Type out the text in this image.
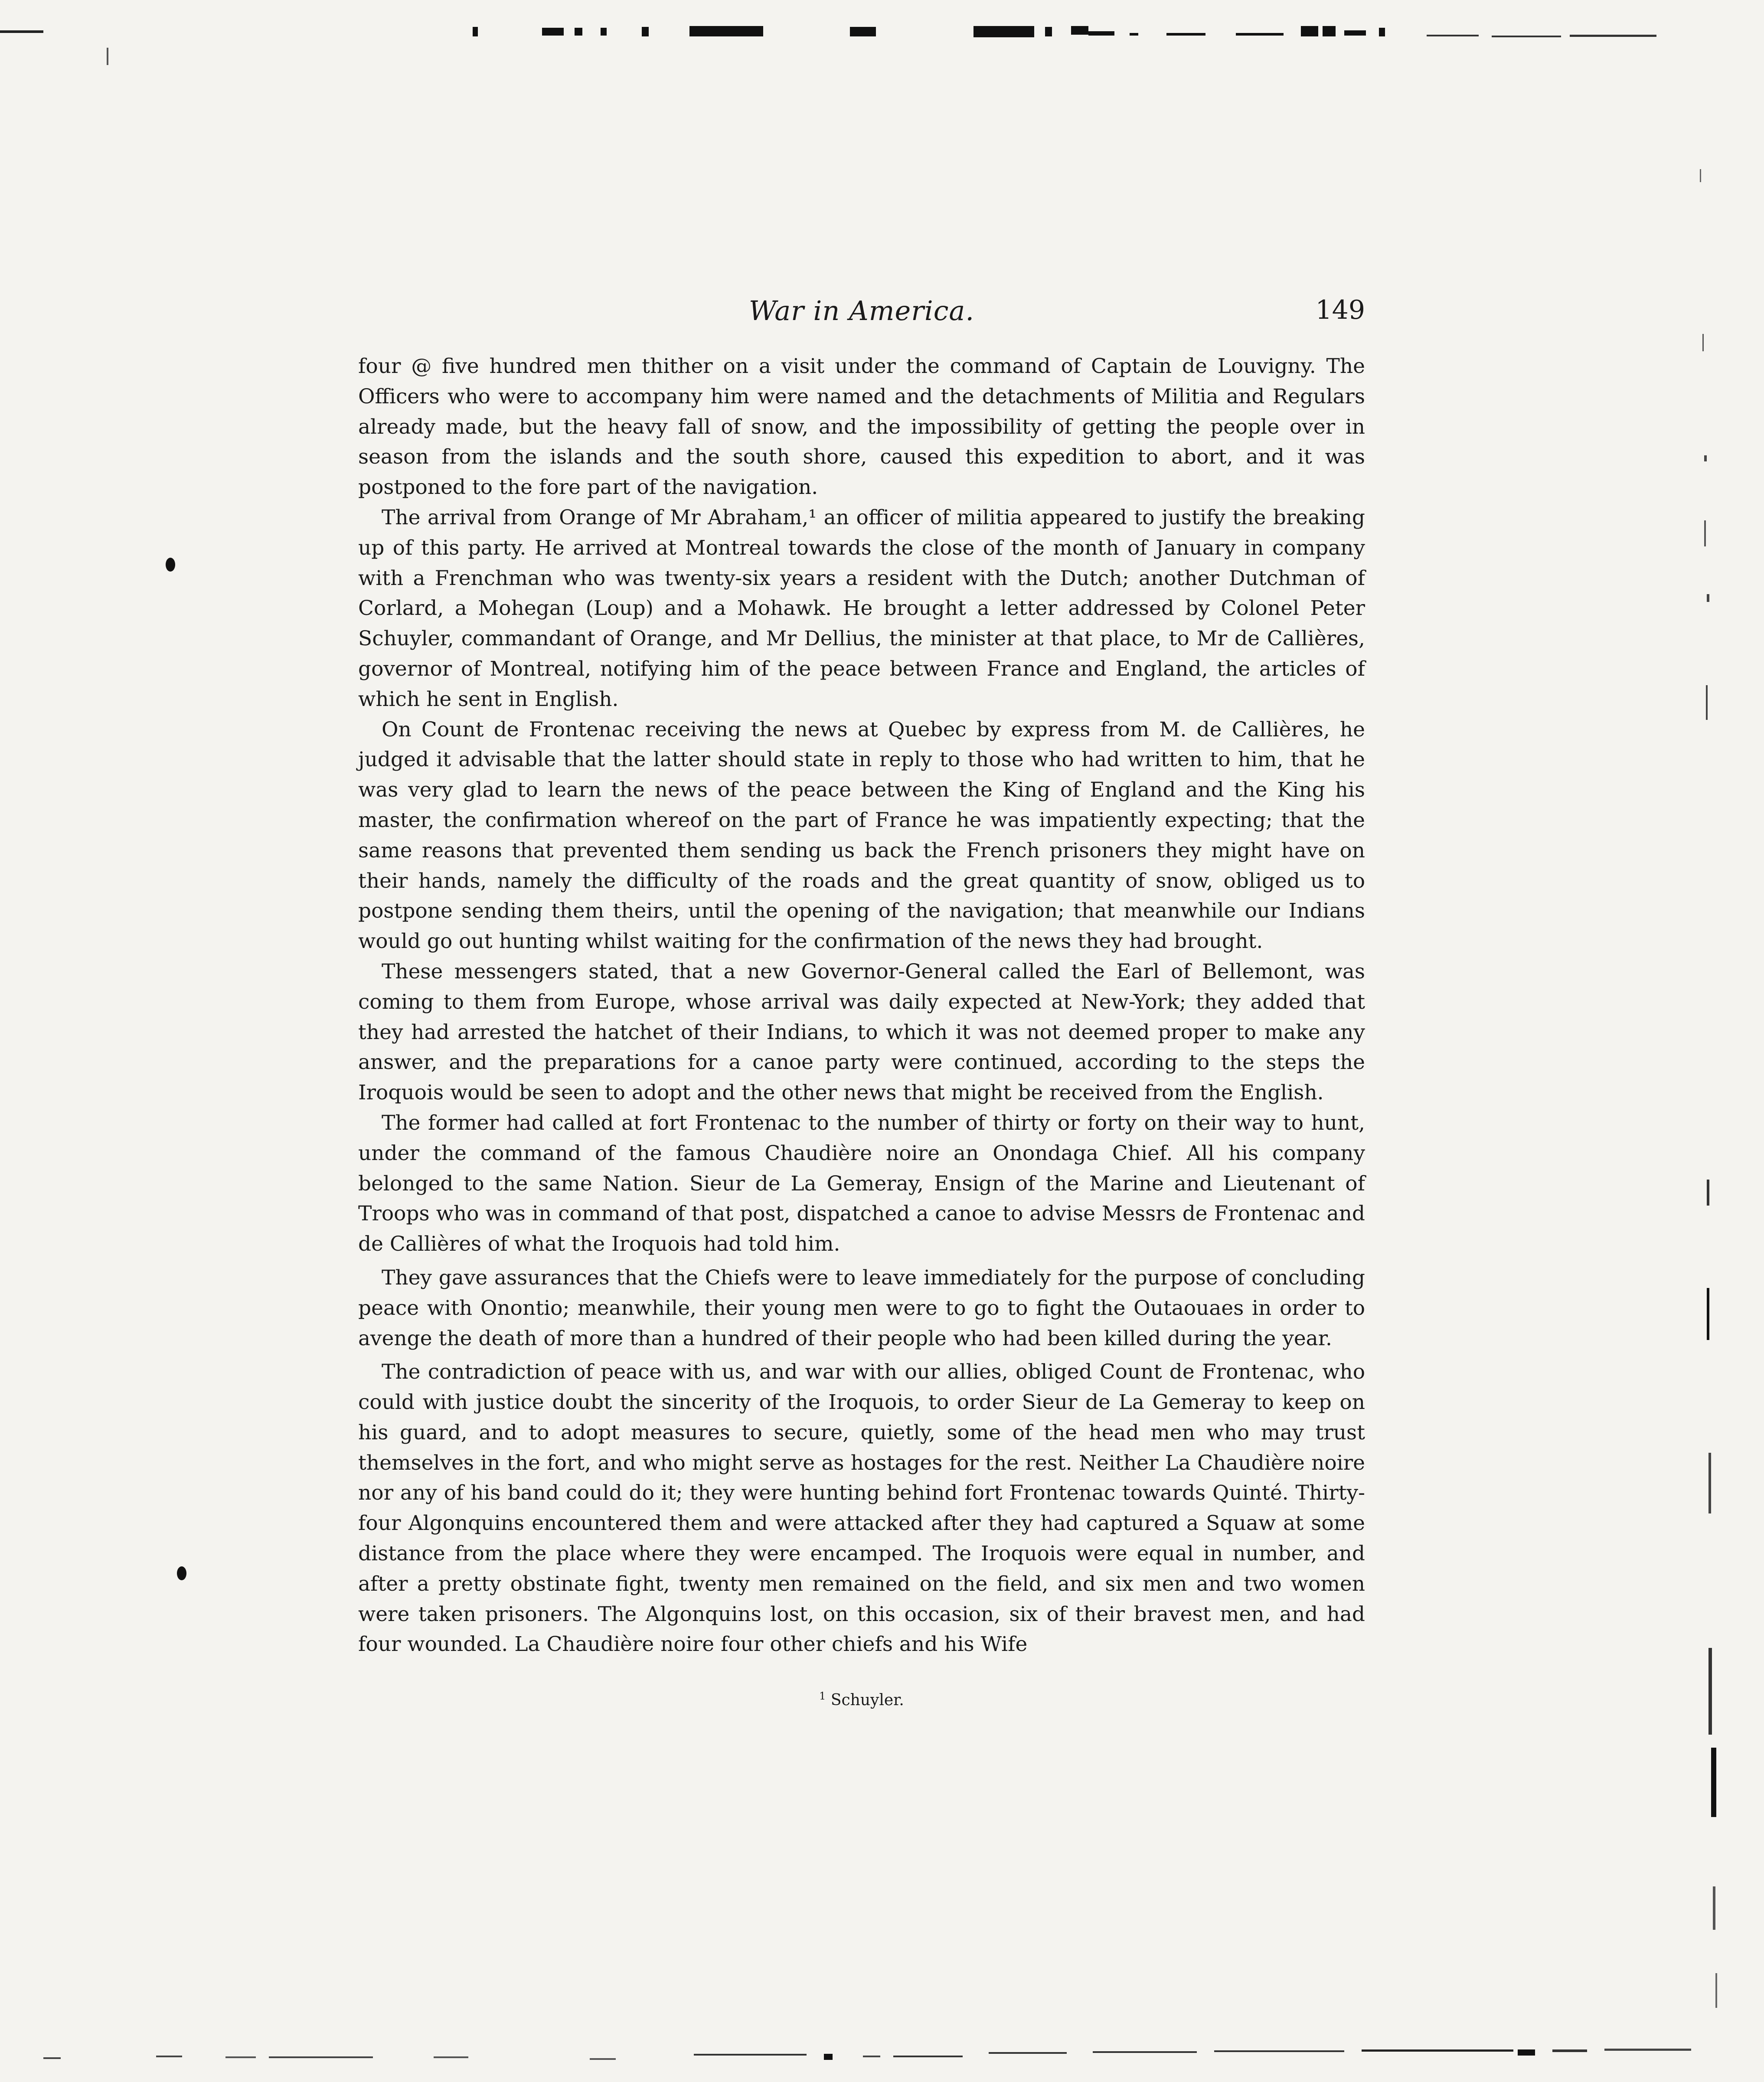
War in America.	149

four @ five hundred men thither on a visit under the command of Captain de Louvigny. The Officers who were to accompany him were named and the detachments of Militia and Regulars already made, but the heavy fall of snow, and the impossibility of getting the people over in season from the islands and the south shore, caused this expedition to abort, and it was postponed to the fore part of the navigation.

The arrival from Orange of Mr Abraham,¹ an officer of militia appeared to justify the breaking up of this party. He arrived at Montreal towards the close of the month of January in company with a Frenchman who was twenty-six years a resident with the Dutch; another Dutchman of Corlard, a Mohegan (Loup) and a Mohawk. He brought a letter addressed by Colonel Peter Schuyler, commandant of Orange, and Mr Dellius, the minister at that place, to Mr de Callières, governor of Montreal, notifying him of the peace between France and England, the articles of which he sent in English.

On Count de Frontenac receiving the news at Quebec by express from M. de Callières, he judged it advisable that the latter should state in reply to those who had written to him, that he was very glad to learn the news of the peace between the King of England and the King his master, the confirmation whereof on the part of France he was impatiently expecting; that the same reasons that prevented them sending us back the French prisoners they might have on their hands, namely the difficulty of the roads and the great quantity of snow, obliged us to postpone sending them theirs, until the opening of the navigation; that meanwhile our Indians would go out hunting whilst waiting for the confirmation of the news they had brought.

These messengers stated, that a new Governor-General called the Earl of Bellemont, was coming to them from Europe, whose arrival was daily expected at New-York; they added that they had arrested the hatchet of their Indians, to which it was not deemed proper to make any answer, and the preparations for a canoe party were continued, according to the steps the Iroquois would be seen to adopt and the other news that might be received from the English.

The former had called at fort Frontenac to the number of thirty or forty on their way to hunt, under the command of the famous Chaudière noire an Onondaga Chief. All his company belonged to the same Nation. Sieur de La Gemeray, Ensign of the Marine and Lieutenant of Troops who was in command of that post, dispatched a canoe to advise Messrs de Frontenac and de Callières of what the Iroquois had told him.

They gave assurances that the Chiefs were to leave immediately for the purpose of concluding peace with Onontio; meanwhile, their young men were to go to fight the Outaouaes in order to avenge the death of more than a hundred of their people who had been killed during the year.

The contradiction of peace with us, and war with our allies, obliged Count de Frontenac, who could with justice doubt the sincerity of the Iroquois, to order Sieur de La Gemeray to keep on his guard, and to adopt measures to secure, quietly, some of the head men who may trust themselves in the fort, and who might serve as hostages for the rest. Neither La Chaudière noire nor any of his band could do it; they were hunting behind fort Frontenac towards Quinté. Thirty-four Algonquins encountered them and were attacked after they had captured a Squaw at some distance from the place where they were encamped. The Iroquois were equal in number, and after a pretty obstinate fight, twenty men remained on the field, and six men and two women were taken prisoners. The Algonquins lost, on this occasion, six of their bravest men, and had four wounded. La Chaudière noire four other chiefs and his Wife

$^1$ Schuyler.
